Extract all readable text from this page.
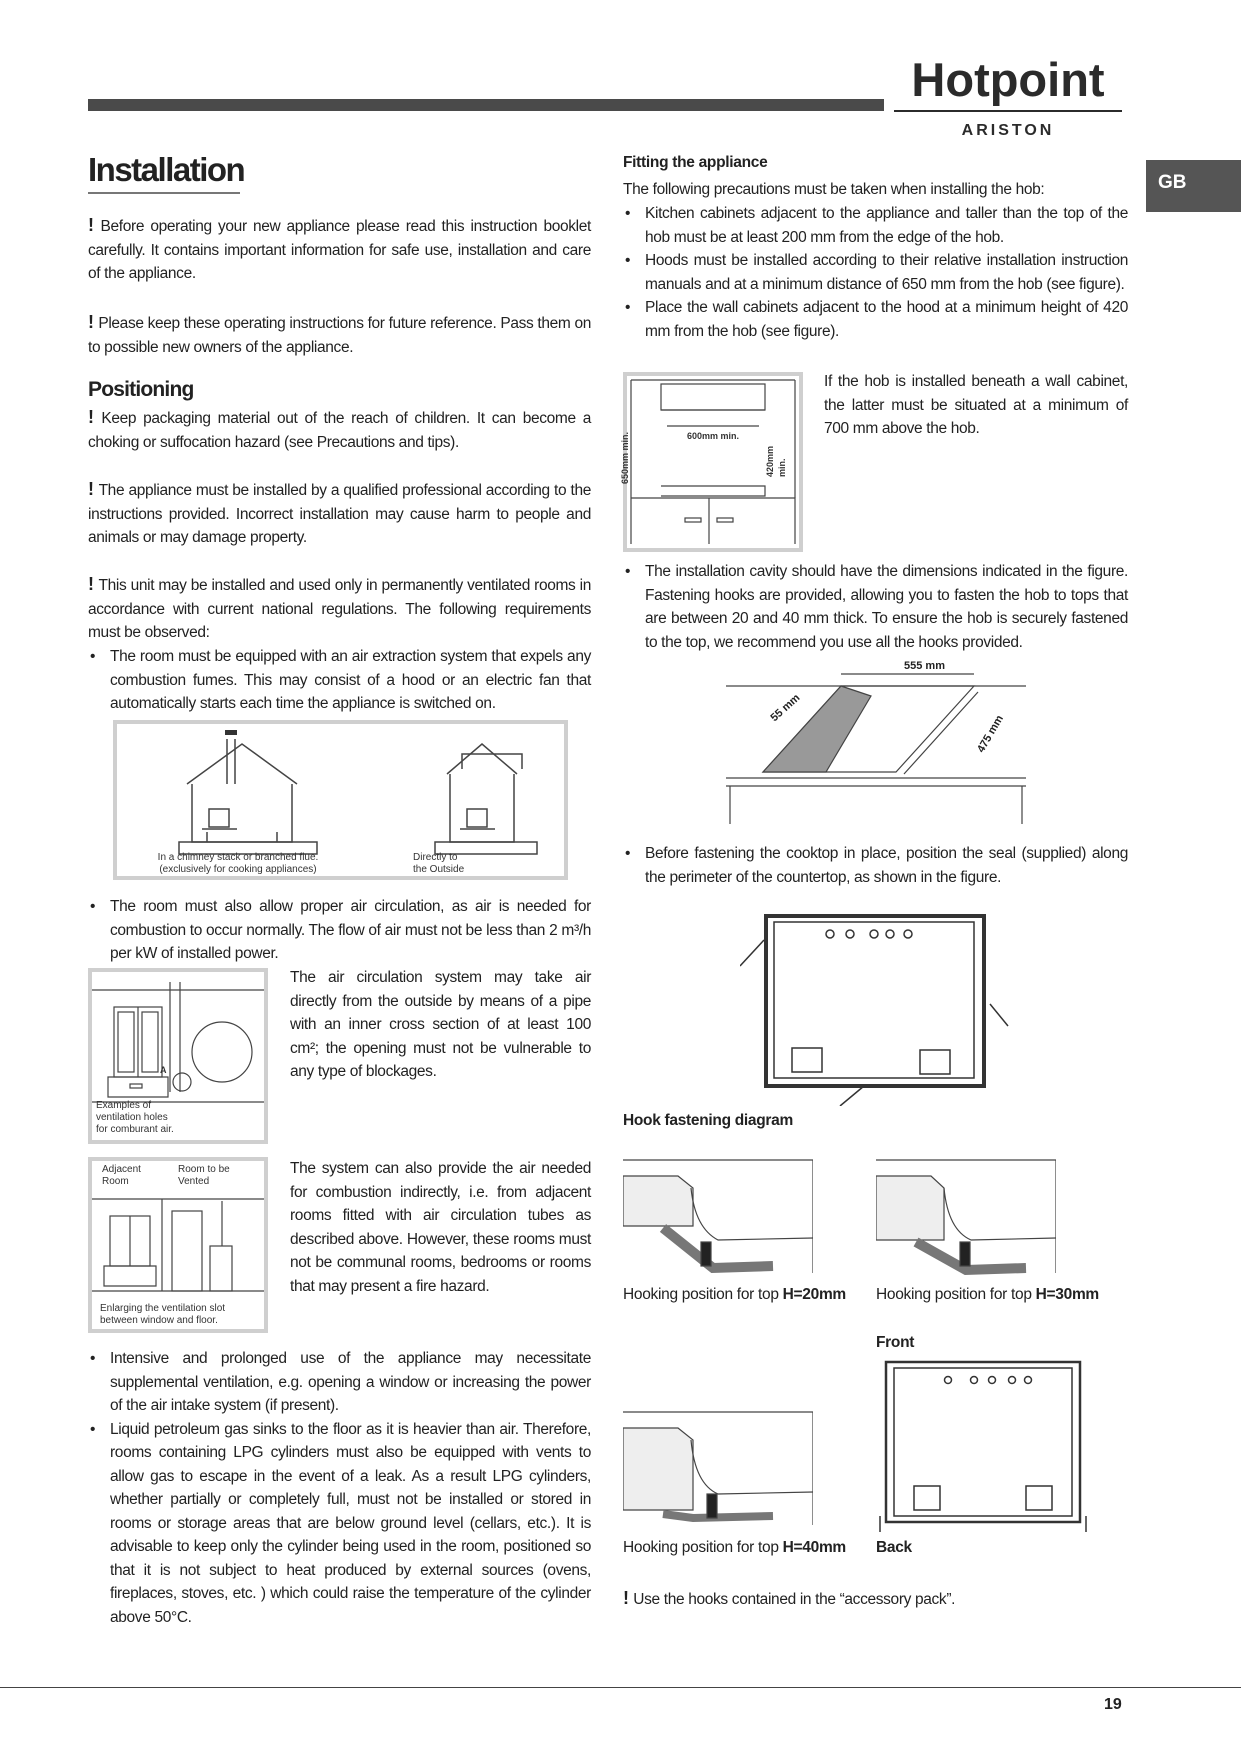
Hotpoint
ARISTON
GB
Installation

! Before operating your new appliance please read this instruction booklet carefully. It contains important information for safe use, installation and care of the appliance.

! Please keep these operating instructions for future reference. Pass them on to possible new owners of the appliance.

Positioning

! Keep packaging material out of the reach of children. It can become a choking or suffocation hazard (see Precautions and tips).

! The appliance must be installed by a qualified professional according to the instructions provided. Incorrect installation may cause harm to people and animals or may damage property.

! This unit may be installed and used only in permanently ventilated rooms in accordance with current national regulations. The following requirements must be observed:

• The room must be equipped with an air extraction system that expels any combustion fumes. This may consist of a hood or an electric fan that automatically starts each time the appliance is switched on.
In a chimney stack or branched flue.
(exclusively for cooking appliances)
Directly to
the Outside
• The room must also allow proper air circulation, as air is needed for combustion to occur normally. The flow of air must not be less than 2 m³/h per kW of installed power.
A
Examples of
ventilation holes
for comburant air.

The air circulation system may take air directly from the outside by means of a pipe with an inner cross section of at least 100 cm²; the opening must not be vulnerable to any type of blockages.

Adjacent
Room
Room to be
Vented
Enlarging the ventilation slot
between window and floor.

The system can also provide the air needed for combustion indirectly, i.e. from adjacent rooms fitted with air circulation tubes as described above. However, these rooms must not be communal rooms, bedrooms or rooms that may present a fire hazard.

• Intensive and prolonged use of the appliance may necessitate supplemental ventilation, e.g. opening a window or increasing the power of the air intake system (if present).
• Liquid petroleum gas sinks to the floor as it is heavier than air. Therefore, rooms containing LPG cylinders must also be equipped with vents to allow gas to escape in the event of a leak. As a result LPG cylinders, whether partially or completely full, must not be installed or stored in rooms or storage areas that are below ground level (cellars, etc.). It is advisable to keep only the cylinder being used in the room, positioned so that it is not subject to heat produced by external sources (ovens, fireplaces, stoves, etc. ) which could raise the temperature of the cylinder above 50°C.
Fitting the appliance

The following precautions must be taken when installing the hob:

• Kitchen cabinets adjacent to the appliance and taller than the top of the hob must be at least 200 mm from the edge of the hob.
• Hoods must be installed according to their relative installation instruction manuals and at a minimum distance of 650 mm from the hob (see figure).
• Place the wall cabinets adjacent to the hood at a minimum height of 420 mm from the hob (see figure).
600mm min.
650mm min.	420mm min.

If the hob is installed beneath a wall cabinet, the latter must be situated at a minimum of 700 mm above the hob.

• The installation cavity should have the dimensions indicated in the figure. Fastening hooks are provided, allowing you to fasten the hob to tops that are between 20 and 40 mm thick. To ensure the hob is securely fastened to the top, we recommend you use all the hooks provided.
555 mm
55 mm
475 mm
• Before fastening the cooktop in place, position the seal (supplied) along the perimeter of the countertop, as shown in the figure.
Hook fastening diagram
Hooking position for top H=20mm Hooking position for top H=30mm
Front
Hooking position for top H=40mm Back

! Use the hooks contained in the “accessory pack”.

19
